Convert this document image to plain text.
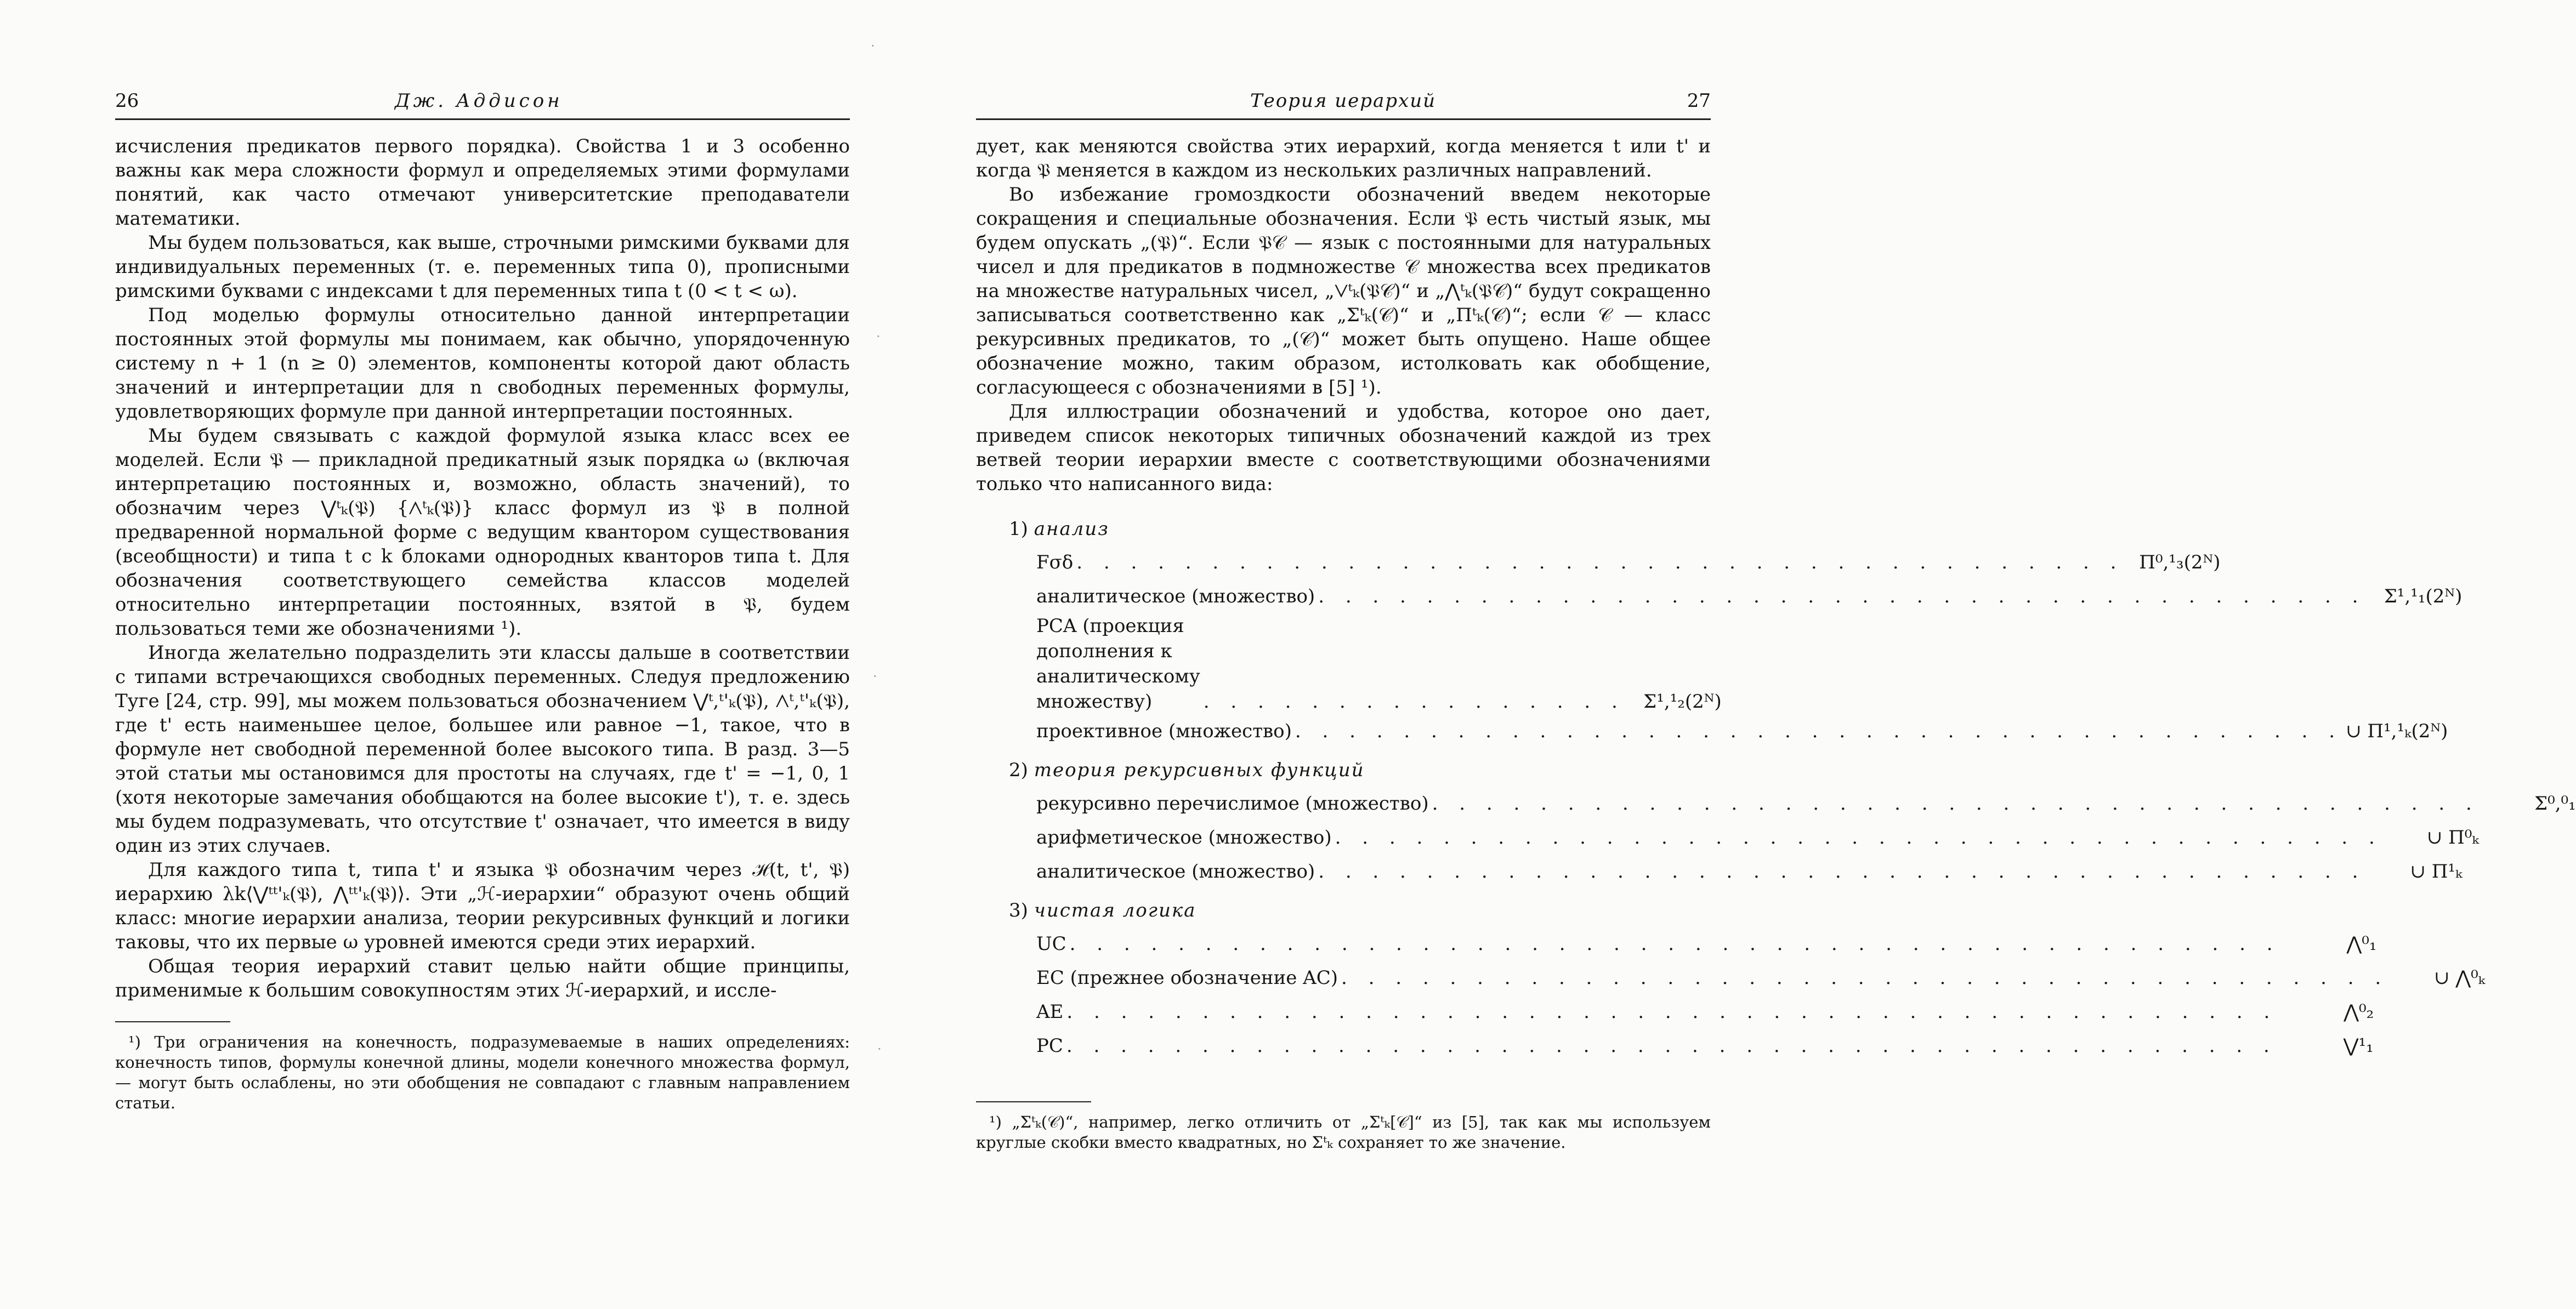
26	Дж. Аддисон

исчисления предикатов первого порядка). Свойства 1 и 3 особенно важны как мера сложности формул и определяемых этими формулами понятий, как часто отмечают университетские преподаватели математики.

Мы будем пользоваться, как выше, строчными римскими буквами для индивидуальных переменных (т. е. переменных типа 0), прописными римскими буквами с индексами t для переменных типа t (0 < t < ω).

Под моделью формулы относительно данной интерпретации постоянных этой формулы мы понимаем, как обычно, упорядоченную систему n + 1 (n ≥ 0) элементов, компоненты которой дают область значений и интерпретации для n свободных переменных формулы, удовлетворяющих формуле при данной интерпретации постоянных.

Мы будем связывать с каждой формулой языка класс всех ее моделей. Если 𝔓 — прикладной предикатный язык порядка ω (включая интерпретацию постоянных и, возможно, область значений), то обозначим через ⋁ᵗₖ(𝔓) {⋀ᵗₖ(𝔓)} класс формул из 𝔓 в полной предваренной нормальной форме с ведущим квантором существования (всеобщности) и типа t с k блоками однородных кванторов типа t. Для обозначения соответствующего семейства классов моделей относительно интерпретации постоянных, взятой в 𝔓, будем пользоваться теми же обозначениями ¹).

Иногда желательно подразделить эти классы дальше в соответствии с типами встречающихся свободных переменных. Следуя предложению Туге [24, стр. 99], мы можем пользоваться обозначением ⋁ᵗ,ᵗ'ₖ(𝔓), ⋀ᵗ,ᵗ'ₖ(𝔓), где t' есть наименьшее целое, большее или равное −1, такое, что в формуле нет свободной переменной более высокого типа. В разд. 3—5 этой статьи мы остановимся для простоты на случаях, где t' = −1, 0, 1 (хотя некоторые замечания обобщаются на более высокие t'), т. е. здесь мы будем подразумевать, что отсутствие t' означает, что имеется в виду один из этих случаев.

Для каждого типа t, типа t' и языка 𝔓 обозначим через ℋ(t, t', 𝔓) иерархию λk⟨⋁ᵗᵗ'ₖ(𝔓), ⋀ᵗᵗ'ₖ(𝔓)⟩. Эти „ℋ-иерархии“ образуют очень общий класс: многие иерархии анализа, теории рекурсивных функций и логики таковы, что их первые ω уровней имеются среди этих иерархий.

Общая теория иерархий ставит целью найти общие принципы, применимые к большим совокупностям этих ℋ-иерархий, и иссле-

¹) Три ограничения на конечность, подразумеваемые в наших определениях: конечность типов, формулы конечной длины, модели конечного множества формул, — могут быть ослаблены, но эти обобщения не совпадают с главным направлением статьи.

Теория иерархий	27

дует, как меняются свойства этих иерархий, когда меняется t или t' и когда 𝔓 меняется в каждом из нескольких различных направлений.

Во избежание громоздкости обозначений введем некоторые сокращения и специальные обозначения. Если 𝔓 есть чистый язык, мы будем опускать „(𝔓)“. Если 𝔓𝒞 — язык с постоянными для натуральных чисел и для предикатов в подмножестве 𝒞 множества всех предикатов на множестве натуральных чисел, „⋁ᵗₖ(𝔓𝒞)“ и „⋀ᵗₖ(𝔓𝒞)“ будут сокращенно записываться соответственно как „Σᵗₖ(𝒞)“ и „Πᵗₖ(𝒞)“; если 𝒞 — класс рекурсивных предикатов, то „(𝒞)“ может быть опущено. Наше общее обозначение можно, таким образом, истолковать как обобщение, согласующееся с обозначениями в [5] ¹).

Для иллюстрации обозначений и удобства, которое оно дает, приведем список некоторых типичных обозначений каждой из трех ветвей теории иерархии вместе с соответствующими обозначениями только что написанного вида:

1) анализ
Fσδ . . . . . . . . . . . . . . . . . . . . . . . . . . . . . . . . . . . . . . . Π⁰,¹₃(2ᴺ)
аналитическое (множество) . . . . . . . . . . . . . . . . . . . . . . . . . . . . . . . . . . . . . . . Σ¹,¹₁(2ᴺ)
PCA (проекция дополнения к аналитическому множеству)	. . . . . . . . . . . . . . . . Σ¹,¹₂(2ᴺ)
проективное (множество) . . . . . . . . . . . . . . . . . . . . . . . . . . . . . . . . . . . . . . . ∪ Π¹,¹ₖ(2ᴺ)
2) теория рекурсивных функций
рекурсивно перечислимое (множество) . . . . . . . . . . . . . . . . . . . . . . . . . . . . . . . . . . . . . . .	Σ⁰,⁰₁
арифметическое (множество) . . . . . . . . . . . . . . . . . . . . . . . . . . . . . . . . . . . . . . .	∪ Π⁰ₖ
аналитическое (множество) . . . . . . . . . . . . . . . . . . . . . . . . . . . . . . . . . . . . . . .	∪ Π¹ₖ
3) чистая логика
UC . . . . . . . . . . . . . . . . . . . . . . . . . . . . . . . . . . . . . . . . . . . . .	⋀⁰₁
EC (прежнее обозначение AC) . . . . . . . . . . . . . . . . . . . . . . . . . . . . . . . . . . . . . . .	∪ ⋀⁰ₖ
AE . . . . . . . . . . . . . . . . . . . . . . . . . . . . . . . . . . . . . . . . . . . . .	⋀⁰₂
PC . . . . . . . . . . . . . . . . . . . . . . . . . . . . . . . . . . . . . . . . . . . . .	⋁¹₁

¹) „Σᵗₖ(𝒞)“, например, легко отличить от „Σᵗₖ[𝒞]“ из [5], так как мы используем круглые скобки вместо квадратных, но Σᵗₖ сохраняет то же значение.

·
·
·
·
